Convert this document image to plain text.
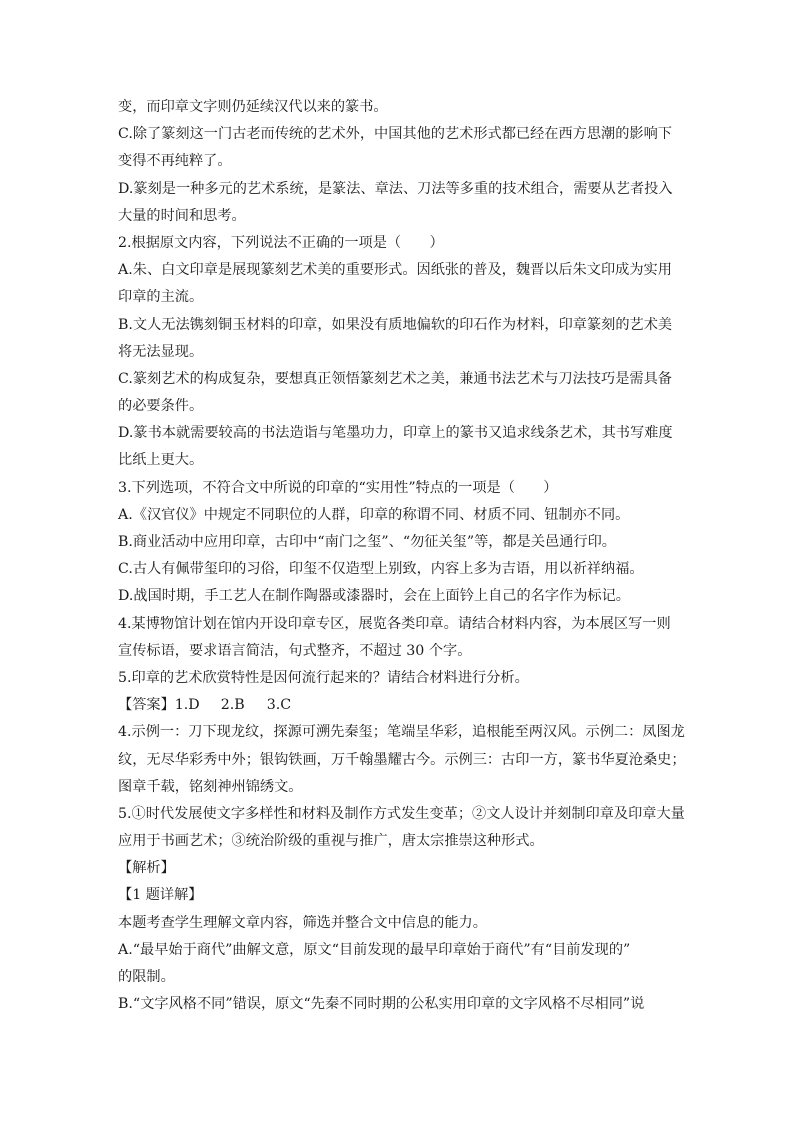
变，而印章文字则仍延续汉代以来的篆书。
C.除了篆刻这一门古老而传统的艺术外，中国其他的艺术形式都已经在西方思潮的影响下
变得不再纯粹了。
D.篆刻是一种多元的艺术系统，是篆法、章法、刀法等多重的技术组合，需要从艺者投入
大量的时间和思考。
2.根据原文内容，下列说法不正确的一项是（　　）
A.朱、白文印章是展现篆刻艺术美的重要形式。因纸张的普及，魏晋以后朱文印成为实用
印章的主流。
B.文人无法镌刻铜玉材料的印章，如果没有质地偏软的印石作为材料，印章篆刻的艺术美
将无法显现。
C.篆刻艺术的构成复杂，要想真正领悟篆刻艺术之美，兼通书法艺术与刀法技巧是需具备
的必要条件。
D.篆书本就需要较高的书法造诣与笔墨功力，印章上的篆书又追求线条艺术，其书写难度
比纸上更大。
3.下列选项，不符合文中所说的印章的“实用性”特点的一项是（　　）
A.《汉官仪》中规定不同职位的人群，印章的称谓不同、材质不同、钮制亦不同。
B.商业活动中应用印章，古印中“南门之玺”、“勿征关玺”等，都是关邑通行印。
C.古人有佩带玺印的习俗，印玺不仅造型上别致，内容上多为吉语，用以祈祥纳福。
D.战国时期，手工艺人在制作陶器或漆器时，会在上面钤上自己的名字作为标记。
4.某博物馆计划在馆内开设印章专区，展览各类印章。请结合材料内容，为本展区写一则
宣传标语，要求语言简洁，句式整齐，不超过 30 个字。
5.印章的艺术欣赏特性是因何流行起来的？请结合材料进行分析。
【答案】1.D 2.B 3.C
4.示例一：刀下现龙纹，探源可溯先秦玺；笔端呈华彩，追根能至两汉风。示例二：凤图龙
纹，无尽华彩秀中外；银钩铁画，万千翰墨耀古今。示例三：古印一方，篆书华夏沧桑史；
图章千载，铭刻神州锦绣文。
5.①时代发展使文字多样性和材料及制作方式发生变革；②文人设计并刻制印章及印章大量
应用于书画艺术；③统治阶级的重视与推广，唐太宗推崇这种形式。
【解析】
【1 题详解】
本题考查学生理解文章内容，筛选并整合文中信息的能力。
A.“最早始于商代”曲解文意，原文“目前发现的最早印章始于商代”有“目前发现的”
的限制。
B.“文字风格不同”错误，原文“先秦不同时期的公私实用印章的文字风格不尽相同”说
